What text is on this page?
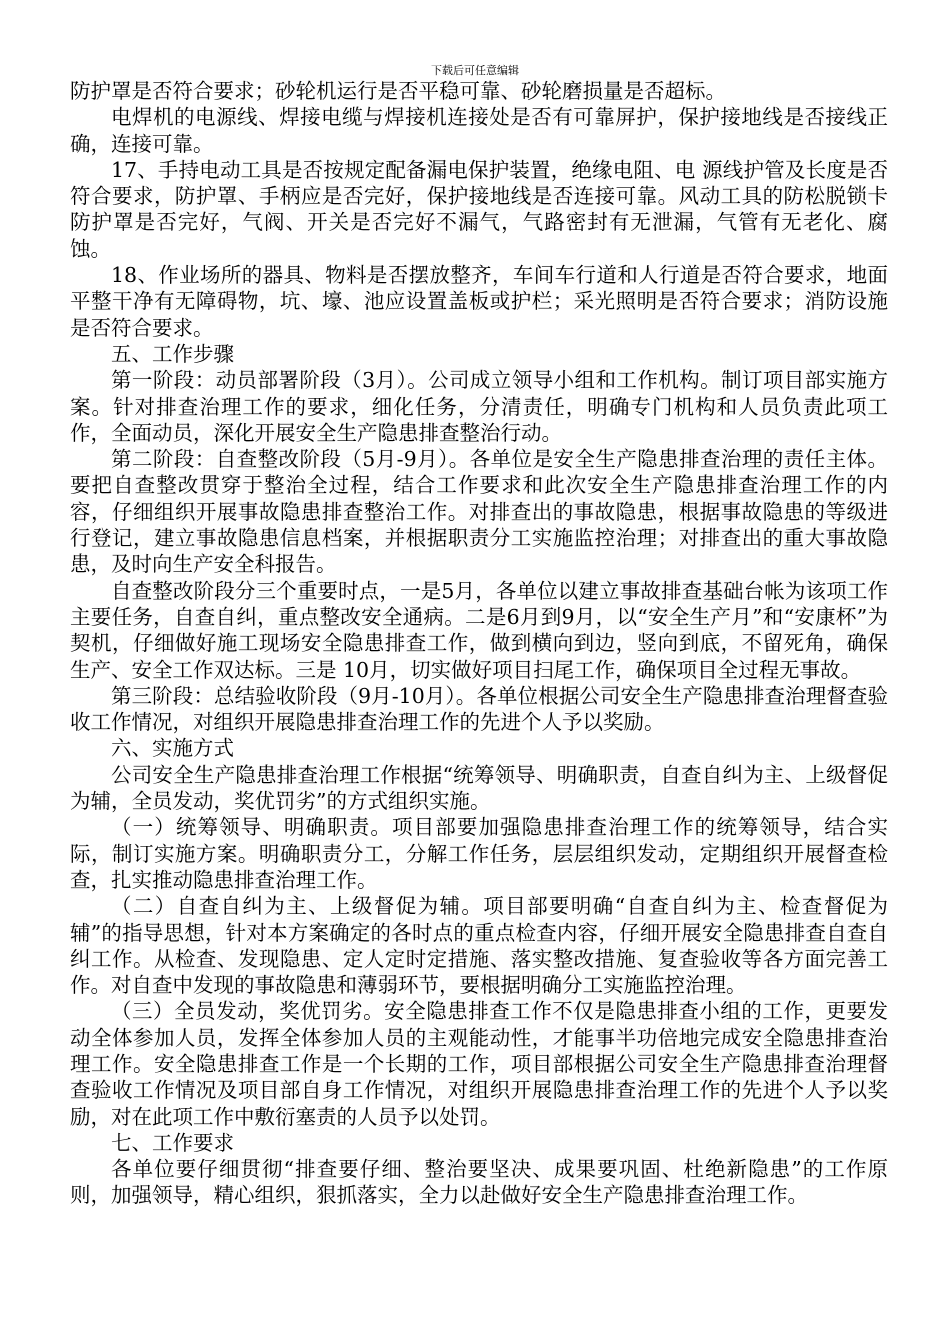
下载后可任意编辑

防护罩是否符合要求；砂轮机运行是否平稳可靠、砂轮磨损量是否超标。

电焊机的电源线、焊接电缆与焊接机连接处是否有可靠屏护，保护接地线是否接线正确，连接可靠。

17、手持电动工具是否按规定配备漏电保护装置，绝缘电阻、电 源线护管及长度是否符合要求，防护罩、手柄应是否完好，保护接地线是否连接可靠。风动工具的防松脱锁卡防护罩是否完好，气阀、开关是否完好不漏气，气路密封有无泄漏，气管有无老化、腐蚀。

18、作业场所的器具、物料是否摆放整齐，车间车行道和人行道是否符合要求，地面平整干净有无障碍物，坑、壕、池应设置盖板或护栏；采光照明是否符合要求；消防设施是否符合要求。

五、工作步骤

第一阶段：动员部署阶段（3月）。公司成立领导小组和工作机构。制订项目部实施方案。针对排查治理工作的要求，细化任务，分清责任，明确专门机构和人员负责此项工作，全面动员，深化开展安全生产隐患排查整治行动。

第二阶段：自查整改阶段（5月-9月）。各单位是安全生产隐患排查治理的责任主体。要把自查整改贯穿于整治全过程，结合工作要求和此次安全生产隐患排查治理工作的内容，仔细组织开展事故隐患排查整治工作。对排查出的事故隐患，根据事故隐患的等级进行登记，建立事故隐患信息档案，并根据职责分工实施监控治理；对排查出的重大事故隐患，及时向生产安全科报告。

自查整改阶段分三个重要时点，一是5月，各单位以建立事故排查基础台帐为该项工作主要任务，自查自纠，重点整改安全通病。二是6月到9月，以“安全生产月”和“安康杯”为契机，仔细做好施工现场安全隐患排查工作，做到横向到边，竖向到底，不留死角，确保生产、安全工作双达标。三是 10月，切实做好项目扫尾工作，确保项目全过程无事故。

第三阶段：总结验收阶段（9月-10月）。各单位根据公司安全生产隐患排查治理督查验收工作情况，对组织开展隐患排查治理工作的先进个人予以奖励。

六、实施方式

公司安全生产隐患排查治理工作根据“统筹领导、明确职责，自查自纠为主、上级督促为辅，全员发动，奖优罚劣”的方式组织实施。

（一）统筹领导、明确职责。项目部要加强隐患排查治理工作的统筹领导，结合实际，制订实施方案。明确职责分工，分解工作任务，层层组织发动，定期组织开展督查检查，扎实推动隐患排查治理工作。

（二）自查自纠为主、上级督促为辅。项目部要明确“自查自纠为主、检查督促为辅”的指导思想，针对本方案确定的各时点的重点检查内容，仔细开展安全隐患排查自查自纠工作。从检查、发现隐患、定人定时定措施、落实整改措施、复查验收等各方面完善工作。对自查中发现的事故隐患和薄弱环节，要根据明确分工实施监控治理。

（三）全员发动，奖优罚劣。安全隐患排查工作不仅是隐患排查小组的工作，更要发动全体参加人员，发挥全体参加人员的主观能动性，才能事半功倍地完成安全隐患排查治理工作。安全隐患排查工作是一个长期的工作，项目部根据公司安全生产隐患排查治理督查验收工作情况及项目部自身工作情况，对组织开展隐患排查治理工作的先进个人予以奖励，对在此项工作中敷衍塞责的人员予以处罚。

七、工作要求

各单位要仔细贯彻“排查要仔细、整治要坚决、成果要巩固、杜绝新隐患”的工作原则，加强领导，精心组织，狠抓落实，全力以赴做好安全生产隐患排查治理工作。
